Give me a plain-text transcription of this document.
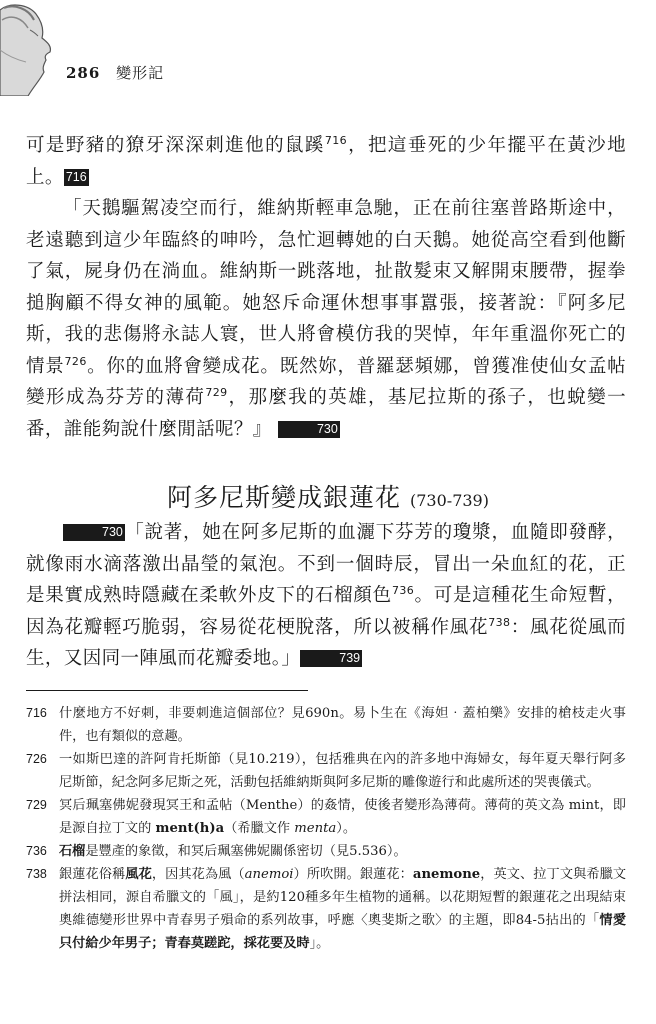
286 變形記
可是野豬的獠牙深深刺進他的鼠蹊$^{716}$，把這垂死的少年擺平在黃沙地上。 716
「天鵝驅駕凌空而行，維納斯輕車急馳，正在前往塞普路斯途中，老遠聽到這少年臨終的呻吟，急忙迴轉她的白天鵝。她從高空看到他斷了氣，屍身仍在淌血。維納斯一跳落地，扯散髮束又解開束腰帶，握拳搥胸顧不得女神的風範。她怒斥命運休想事事囂張，接著說：『阿多尼斯，我的悲傷將永誌人寰，世人將會模仿我的哭悼，年年重溫你死亡的情景$^{726}$。你的血將會變成花。既然妳，普羅瑟頻娜，曾獲准使仙女孟帖變形成為芬芳的薄荷$^{729}$，那麼我的英雄，基尼拉斯的孫子，也蛻變一番，誰能夠說什麼閒話呢？』	730
阿多尼斯變成銀蓮花 (730-739)
730 「說著，她在阿多尼斯的血灑下芬芳的瓊漿，血隨即發酵，就像雨水滴落激出晶瑩的氣泡。不到一個時辰，冒出一朵血紅的花，正是果實成熟時隱藏在柔軟外皮下的石榴顏色$^{736}$。可是這種花生命短暫，因為花瓣輕巧脆弱，容易從花梗脫落，所以被稱作風花$^{738}$：風花從風而生，又因同一陣風而花瓣委地。」	739
716 什麼地方不好刺，非要刺進這個部位？見690n。易卜生在《海妲‧蓋柏樂》安排的槍枝走火事件，也有類似的意趣。
726 一如斯巴達的許阿肯托斯節（見10.219），包括雅典在內的許多地中海婦女，每年夏天舉行阿多尼斯節，紀念阿多尼斯之死，活動包括維納斯與阿多尼斯的雕像遊行和此處所述的哭喪儀式。
729 冥后珮塞佛妮發現冥王和孟帖（Menthe）的姦情，使後者變形為薄荷。薄荷的英文為 mint，即是源自拉丁文的 ment(h)a（希臘文作 menta）。
736 石榴是豐產的象徵，和冥后珮塞佛妮關係密切（見5.536）。
738 銀蓮花俗稱風花，因其花為風（anemoi）所吹開。銀蓮花：anemone，英文、拉丁文與希臘文拼法相同，源自希臘文的「風」，是約120種多年生植物的通稱。以花期短暫的銀蓮花之出現結束奧維德變形世界中青春男子殞命的系列故事，呼應〈奧斐斯之歌〉的主題，即84-5拈出的「情愛只付給少年男子；青春莫蹉跎，採花要及時」。
